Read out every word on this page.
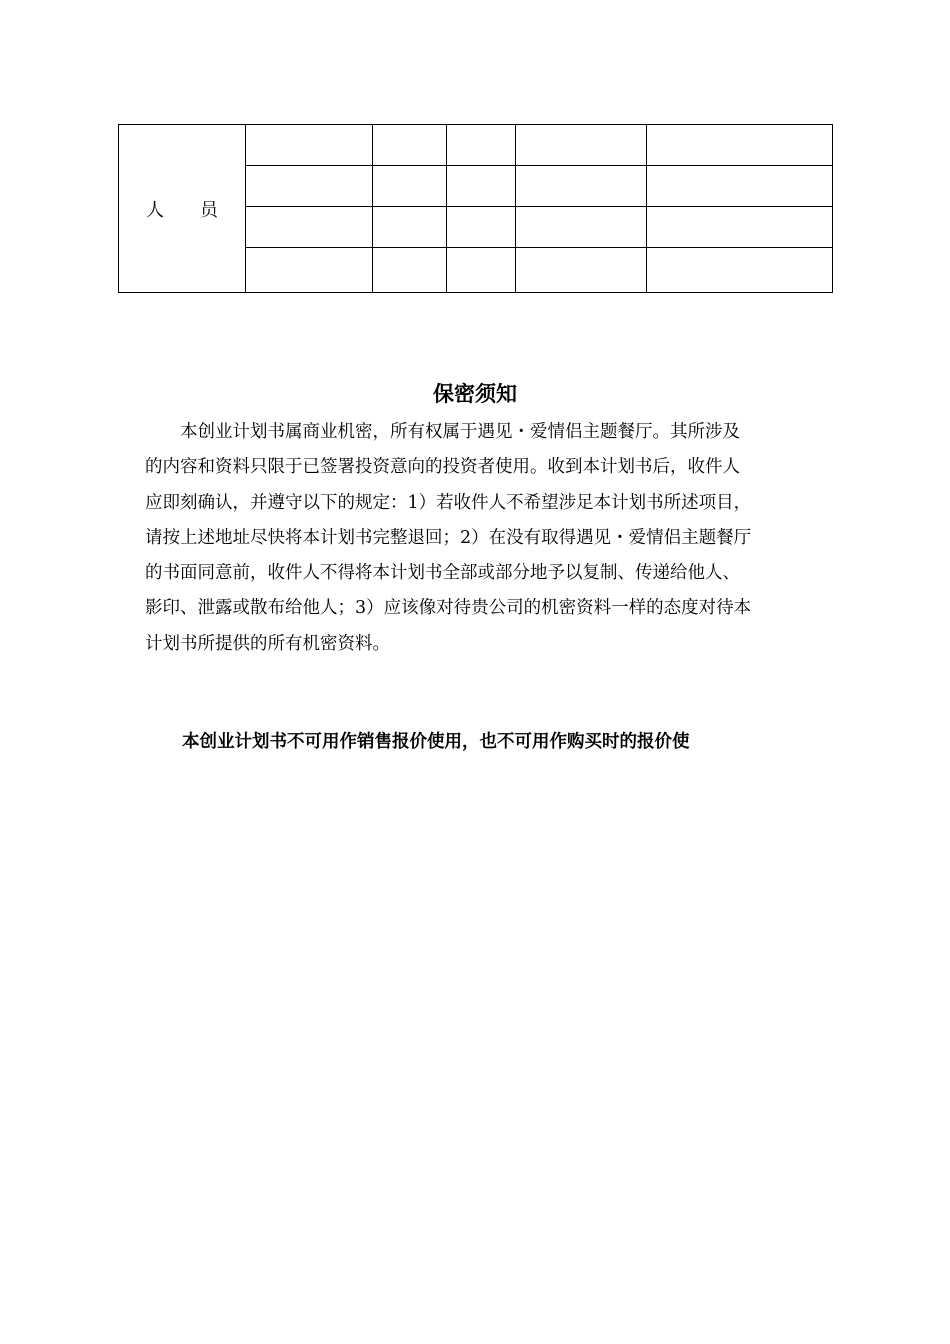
人 员					

保密须知
本创业计划书属商业机密，所有权属于遇见・爱情侣主题餐厅。其所涉及
的内容和资料只限于已签署投资意向的投资者使用。收到本计划书后，收件人
应即刻确认，并遵守以下的规定：1）若收件人不希望涉足本计划书所述项目，
请按上述地址尽快将本计划书完整退回；2）在没有取得遇见・爱情侣主题餐厅
的书面同意前，收件人不得将本计划书全部或部分地予以复制、传递给他人、
影印、泄露或散布给他人；3）应该像对待贵公司的机密资料一样的态度对待本
计划书所提供的所有机密资料。

本创业计划书不可用作销售报价使用，也不可用作购买时的报价使
